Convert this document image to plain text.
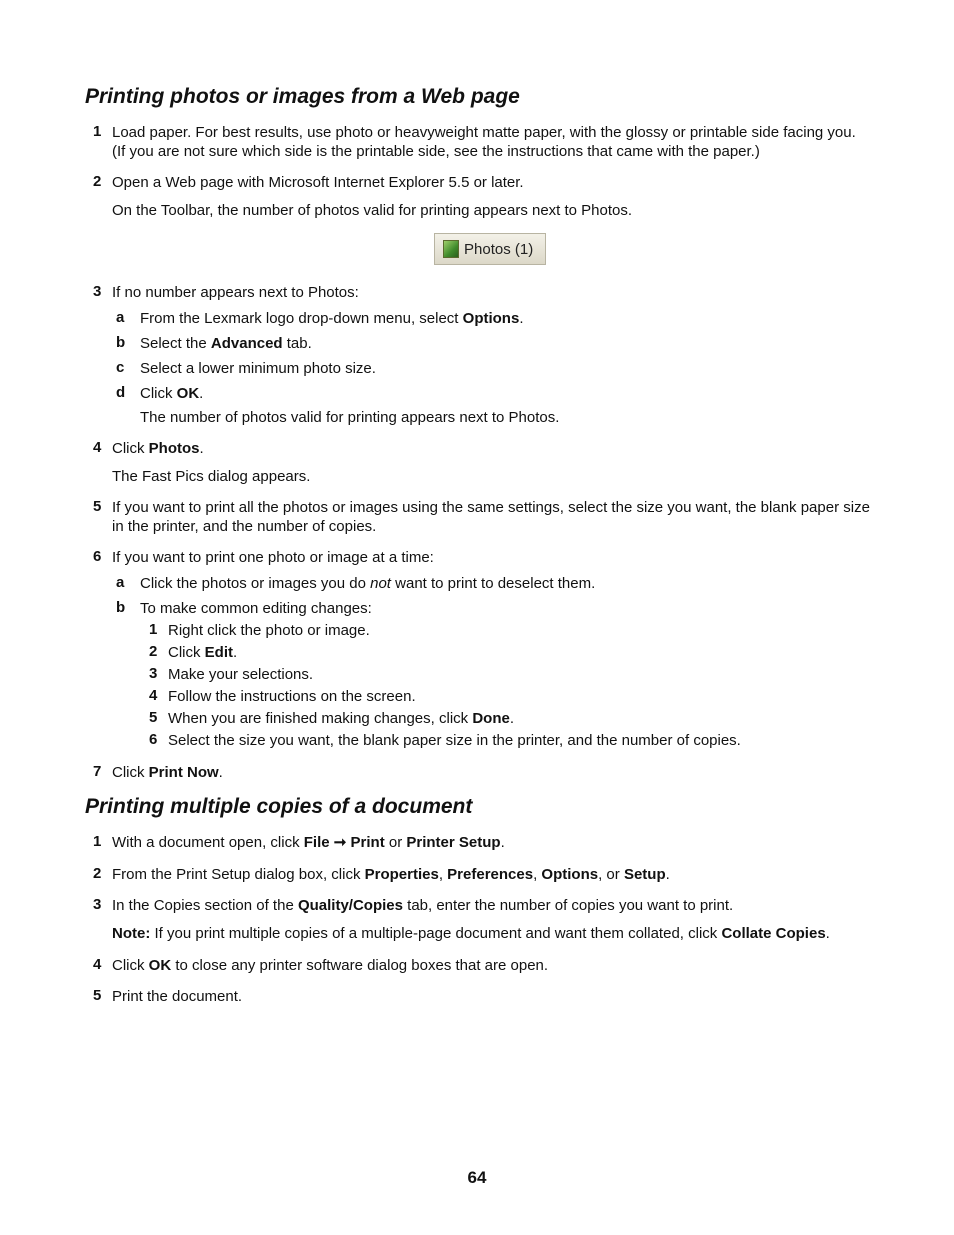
Printing photos or images from a Web page
1 Load paper. For best results, use photo or heavyweight matte paper, with the glossy or printable side facing you. (If you are not sure which side is the printable side, see the instructions that came with the paper.)
2 Open a Web page with Microsoft Internet Explorer 5.5 or later.
On the Toolbar, the number of photos valid for printing appears next to Photos.
Photos (1)
3 If no number appears next to Photos:
a From the Lexmark logo drop-down menu, select Options.
b Select the Advanced tab.
c Select a lower minimum photo size.
d Click OK.
The number of photos valid for printing appears next to Photos.
4 Click Photos.
The Fast Pics dialog appears.
5 If you want to print all the photos or images using the same settings, select the size you want, the blank paper size in the printer, and the number of copies.
6 If you want to print one photo or image at a time:
a Click the photos or images you do not want to print to deselect them.
b To make common editing changes:
1 Right click the photo or image.
2 Click Edit.
3 Make your selections.
4 Follow the instructions on the screen.
5 When you are finished making changes, click Done.
6 Select the size you want, the blank paper size in the printer, and the number of copies.
7 Click Print Now.
Printing multiple copies of a document
1 With a document open, click File ➞ Print or Printer Setup.
2 From the Print Setup dialog box, click Properties, Preferences, Options, or Setup.
3 In the Copies section of the Quality/Copies tab, enter the number of copies you want to print.
Note: If you print multiple copies of a multiple-page document and want them collated, click Collate Copies.
4 Click OK to close any printer software dialog boxes that are open.
5 Print the document.
64
